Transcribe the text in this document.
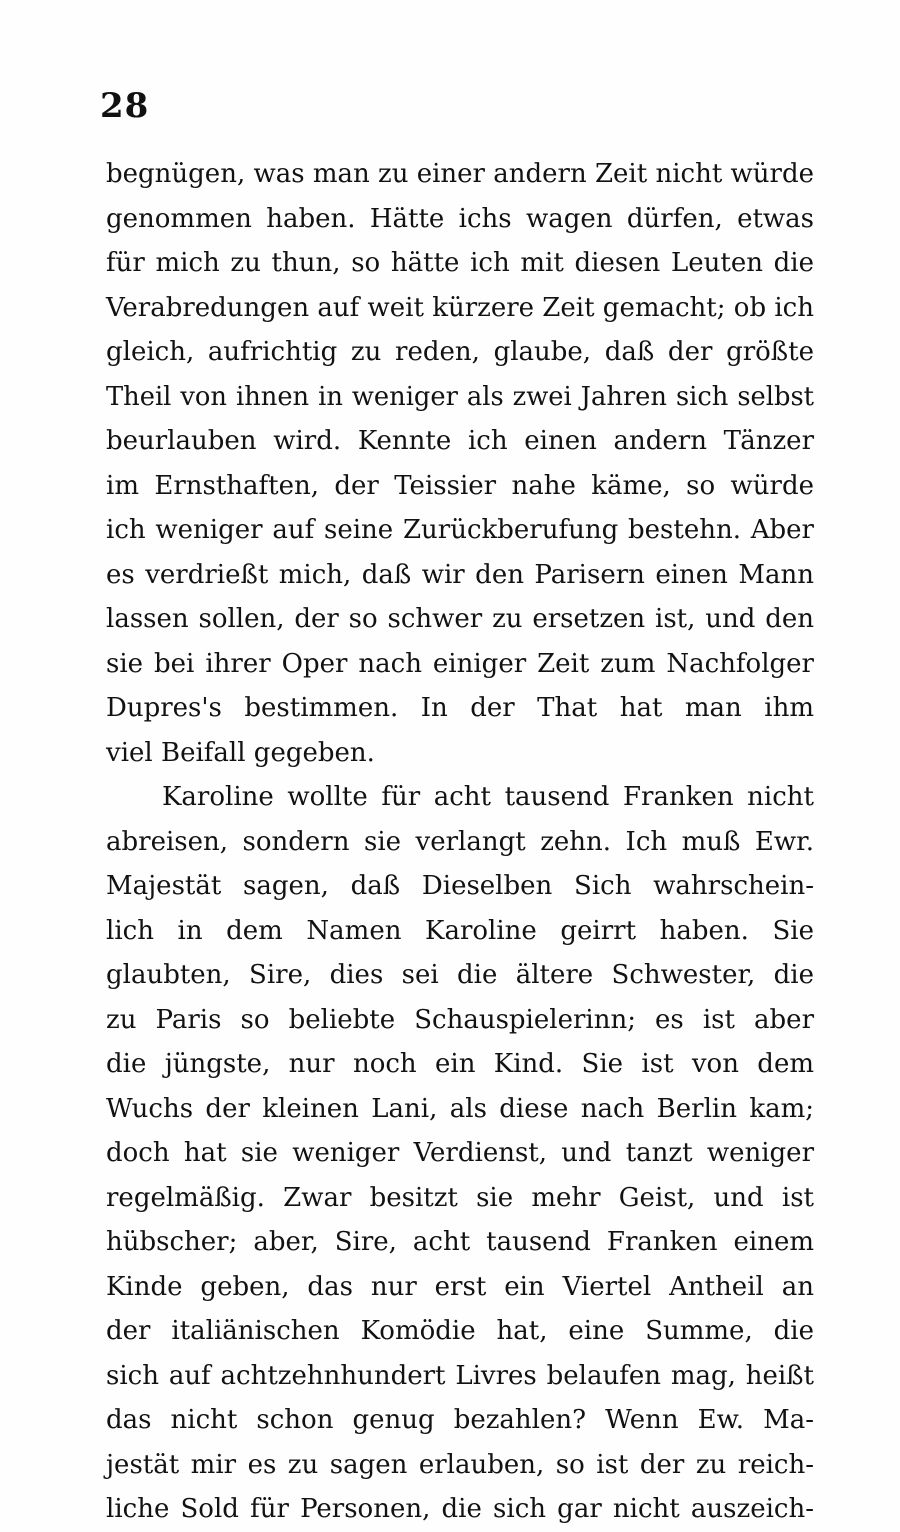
28
begnügen, was man zu einer andern Zeit nicht würde
genommen haben. Hätte ichs wagen dürfen, etwas
für mich zu thun, so hätte ich mit diesen Leuten die
Verabredungen auf weit kürzere Zeit gemacht; ob ich
gleich, aufrichtig zu reden, glaube, daß der größte
Theil von ihnen in weniger als zwei Jahren sich selbst
beurlauben wird. Kennte ich einen andern Tänzer
im Ernsthaften, der Teissier nahe käme, so würde
ich weniger auf seine Zurückberufung bestehn. Aber
es verdrießt mich, daß wir den Parisern einen Mann
lassen sollen, der so schwer zu ersetzen ist, und den
sie bei ihrer Oper nach einiger Zeit zum Nachfolger
Dupres's bestimmen. In der That hat man ihm
viel Beifall gegeben.
Karoline wollte für acht tausend Franken nicht
abreisen, sondern sie verlangt zehn. Ich muß Ewr.
Majestät sagen, daß Dieselben Sich wahrschein-
lich in dem Namen Karoline geirrt haben. Sie
glaubten, Sire, dies sei die ältere Schwester, die
zu Paris so beliebte Schauspielerinn; es ist aber
die jüngste, nur noch ein Kind. Sie ist von dem
Wuchs der kleinen Lani, als diese nach Berlin kam;
doch hat sie weniger Verdienst, und tanzt weniger
regelmäßig. Zwar besitzt sie mehr Geist, und ist
hübscher; aber, Sire, acht tausend Franken einem
Kinde geben, das nur erst ein Viertel Antheil an
der italiänischen Komödie hat, eine Summe, die
sich auf achtzehnhundert Livres belaufen mag, heißt
das nicht schon genug bezahlen? Wenn Ew. Ma-
jestät mir es zu sagen erlauben, so ist der zu reich-
liche Sold für Personen, die sich gar nicht auszeich-
